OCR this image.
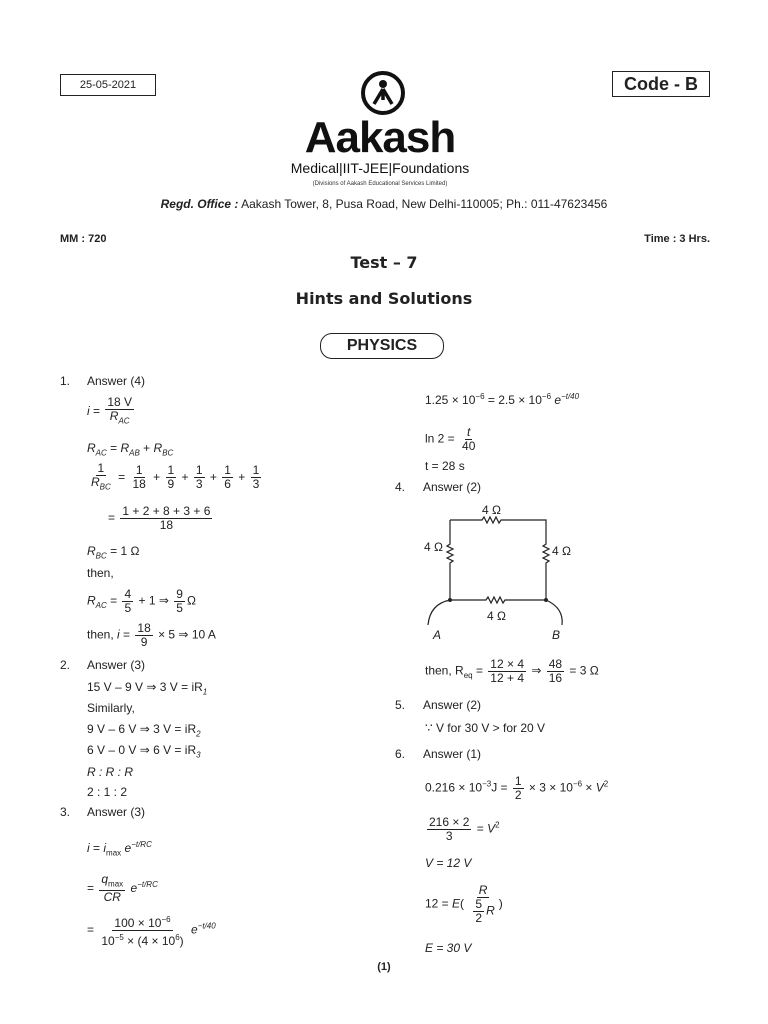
25-05-2021	Code - B
Aakash
Medical|IIT-JEE|Foundations
(Divisions of Aakash Educational Services Limited)
Regd. Office : Aakash Tower, 8, Pusa Road, New Delhi-110005; Ph.: 011-47623456
MM : 720	Time : 3 Hrs.
Test – 7
Hints and Solutions
PHYSICS
1. Answer (4)
$i = \frac{18 V}{R_{AC}}$
$R_{AC} = R_{AB} + R_{BC}$
$\frac{1}{R_{BC}} = \frac{1}{18} + \frac{1}{9} + \frac{1}{3} + \frac{1}{6} + \frac{1}{3}$
= $\frac{1 + 2 + 8 + 3 + 6}{18}$
$R_{BC} = 1$ Ω
then,
$R_{AC} = \frac{4}{5} + 1$ ⇒ $\frac{9}{5}$ Ω
then, $i = \frac{18}{9} \times 5$ ⇒ 10 A
2. Answer (3)
15 V – 9 V ⇒ 3 $V = iR_1$
Similarly,
9 V – 6 V ⇒ 3 $V = iR_2$
6 V – 0 V ⇒ 6 $V = iR_3$
R : R : R
2 : 1 : 2
3. Answer (3)
$i = i_{max}$ $e^{-t/RC}$
= $\frac{q_{max}}{CR} e^{-t/RC}$
= $\frac{100 \times 10^{-6}}{10^{-5} \times (4 \times 10^6)} e^{-t/40}$
$1.25 \times 10^{-6} = 2.5 \times 10^{-6}$ $e^{-t/40}$
$\ln 2 = \frac{t}{40}$
t = 28 s
4. Answer (2)
4 Ω
4 Ω	4 Ω
4 Ω
A	B
then, $R_{eq} = \frac{12 \times 4}{12 + 4}$ ⇒ $\frac{48}{16} = 3$ Ω
5. Answer (2)
∵ V for 30 V > for 20 V
6. Answer (1)
$0.216 \times 10^{-3}J = \frac{1}{2} \times 3 \times 10^{-6} \times V^2$
$\frac{216 \times 2}{3} = V^2$
V = 12 V
$12 = E( \frac{R}{\frac{5}{2} R}$ )
E = 30 V
(1)
